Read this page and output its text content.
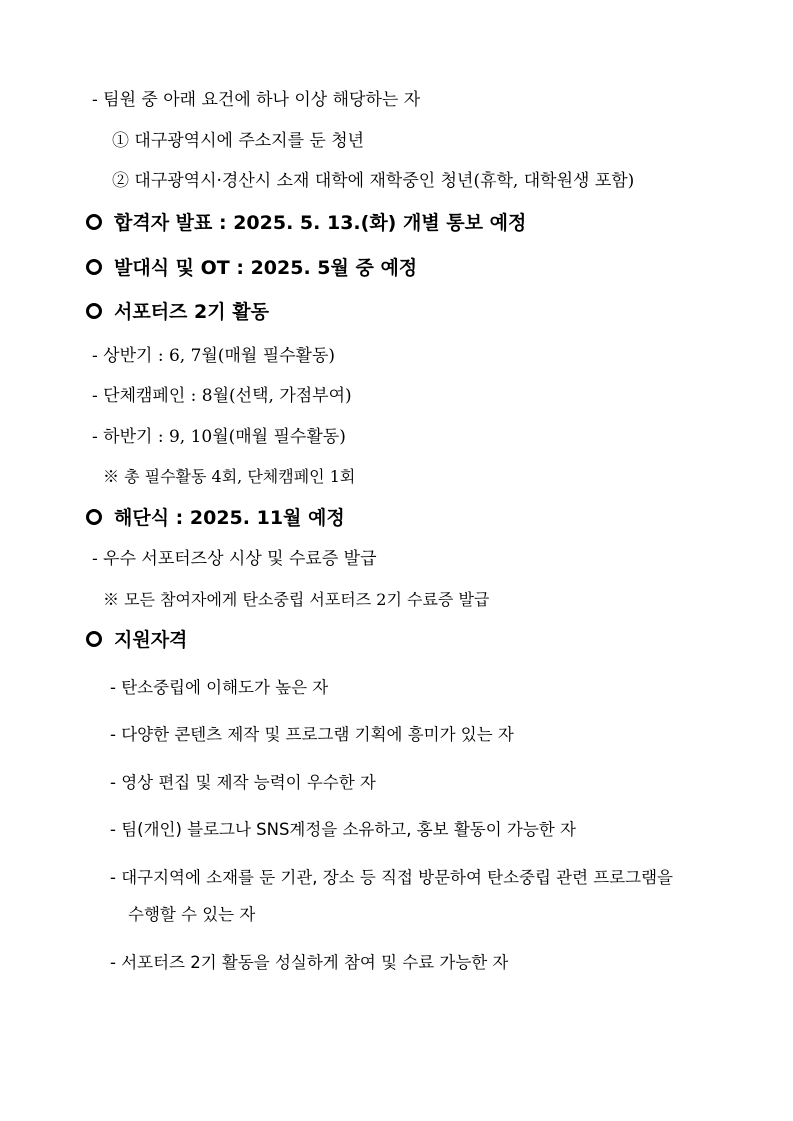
- 팀원 중 아래 요건에 하나 이상 해당하는 자
① 대구광역시에 주소지를 둔 청년
② 대구광역시·경산시 소재 대학에 재학중인 청년(휴학, 대학원생 포함)
합격자 발표 : 2025. 5. 13.(화) 개별 통보 예정
발대식 및 OT : 2025. 5월 중 예정
서포터즈 2기 활동
- 상반기 : 6, 7월(매월 필수활동)
- 단체캠페인 : 8월(선택, 가점부여)
- 하반기 : 9, 10월(매월 필수활동)
※ 총 필수활동 4회, 단체캠페인 1회
해단식 : 2025. 11월 예정
- 우수 서포터즈상 시상 및 수료증 발급
※ 모든 참여자에게 탄소중립 서포터즈 2기 수료증 발급
지원자격
- 탄소중립에 이해도가 높은 자
- 다양한 콘텐츠 제작 및 프로그램 기획에 흥미가 있는 자
- 영상 편집 및 제작 능력이 우수한 자
- 팀(개인) 블로그나 SNS계정을 소유하고, 홍보 활동이 가능한 자
- 대구지역에 소재를 둔 기관, 장소 등 직접 방문하여 탄소중립 관련 프로그램을
수행할 수 있는 자
- 서포터즈 2기 활동을 성실하게 참여 및 수료 가능한 자
